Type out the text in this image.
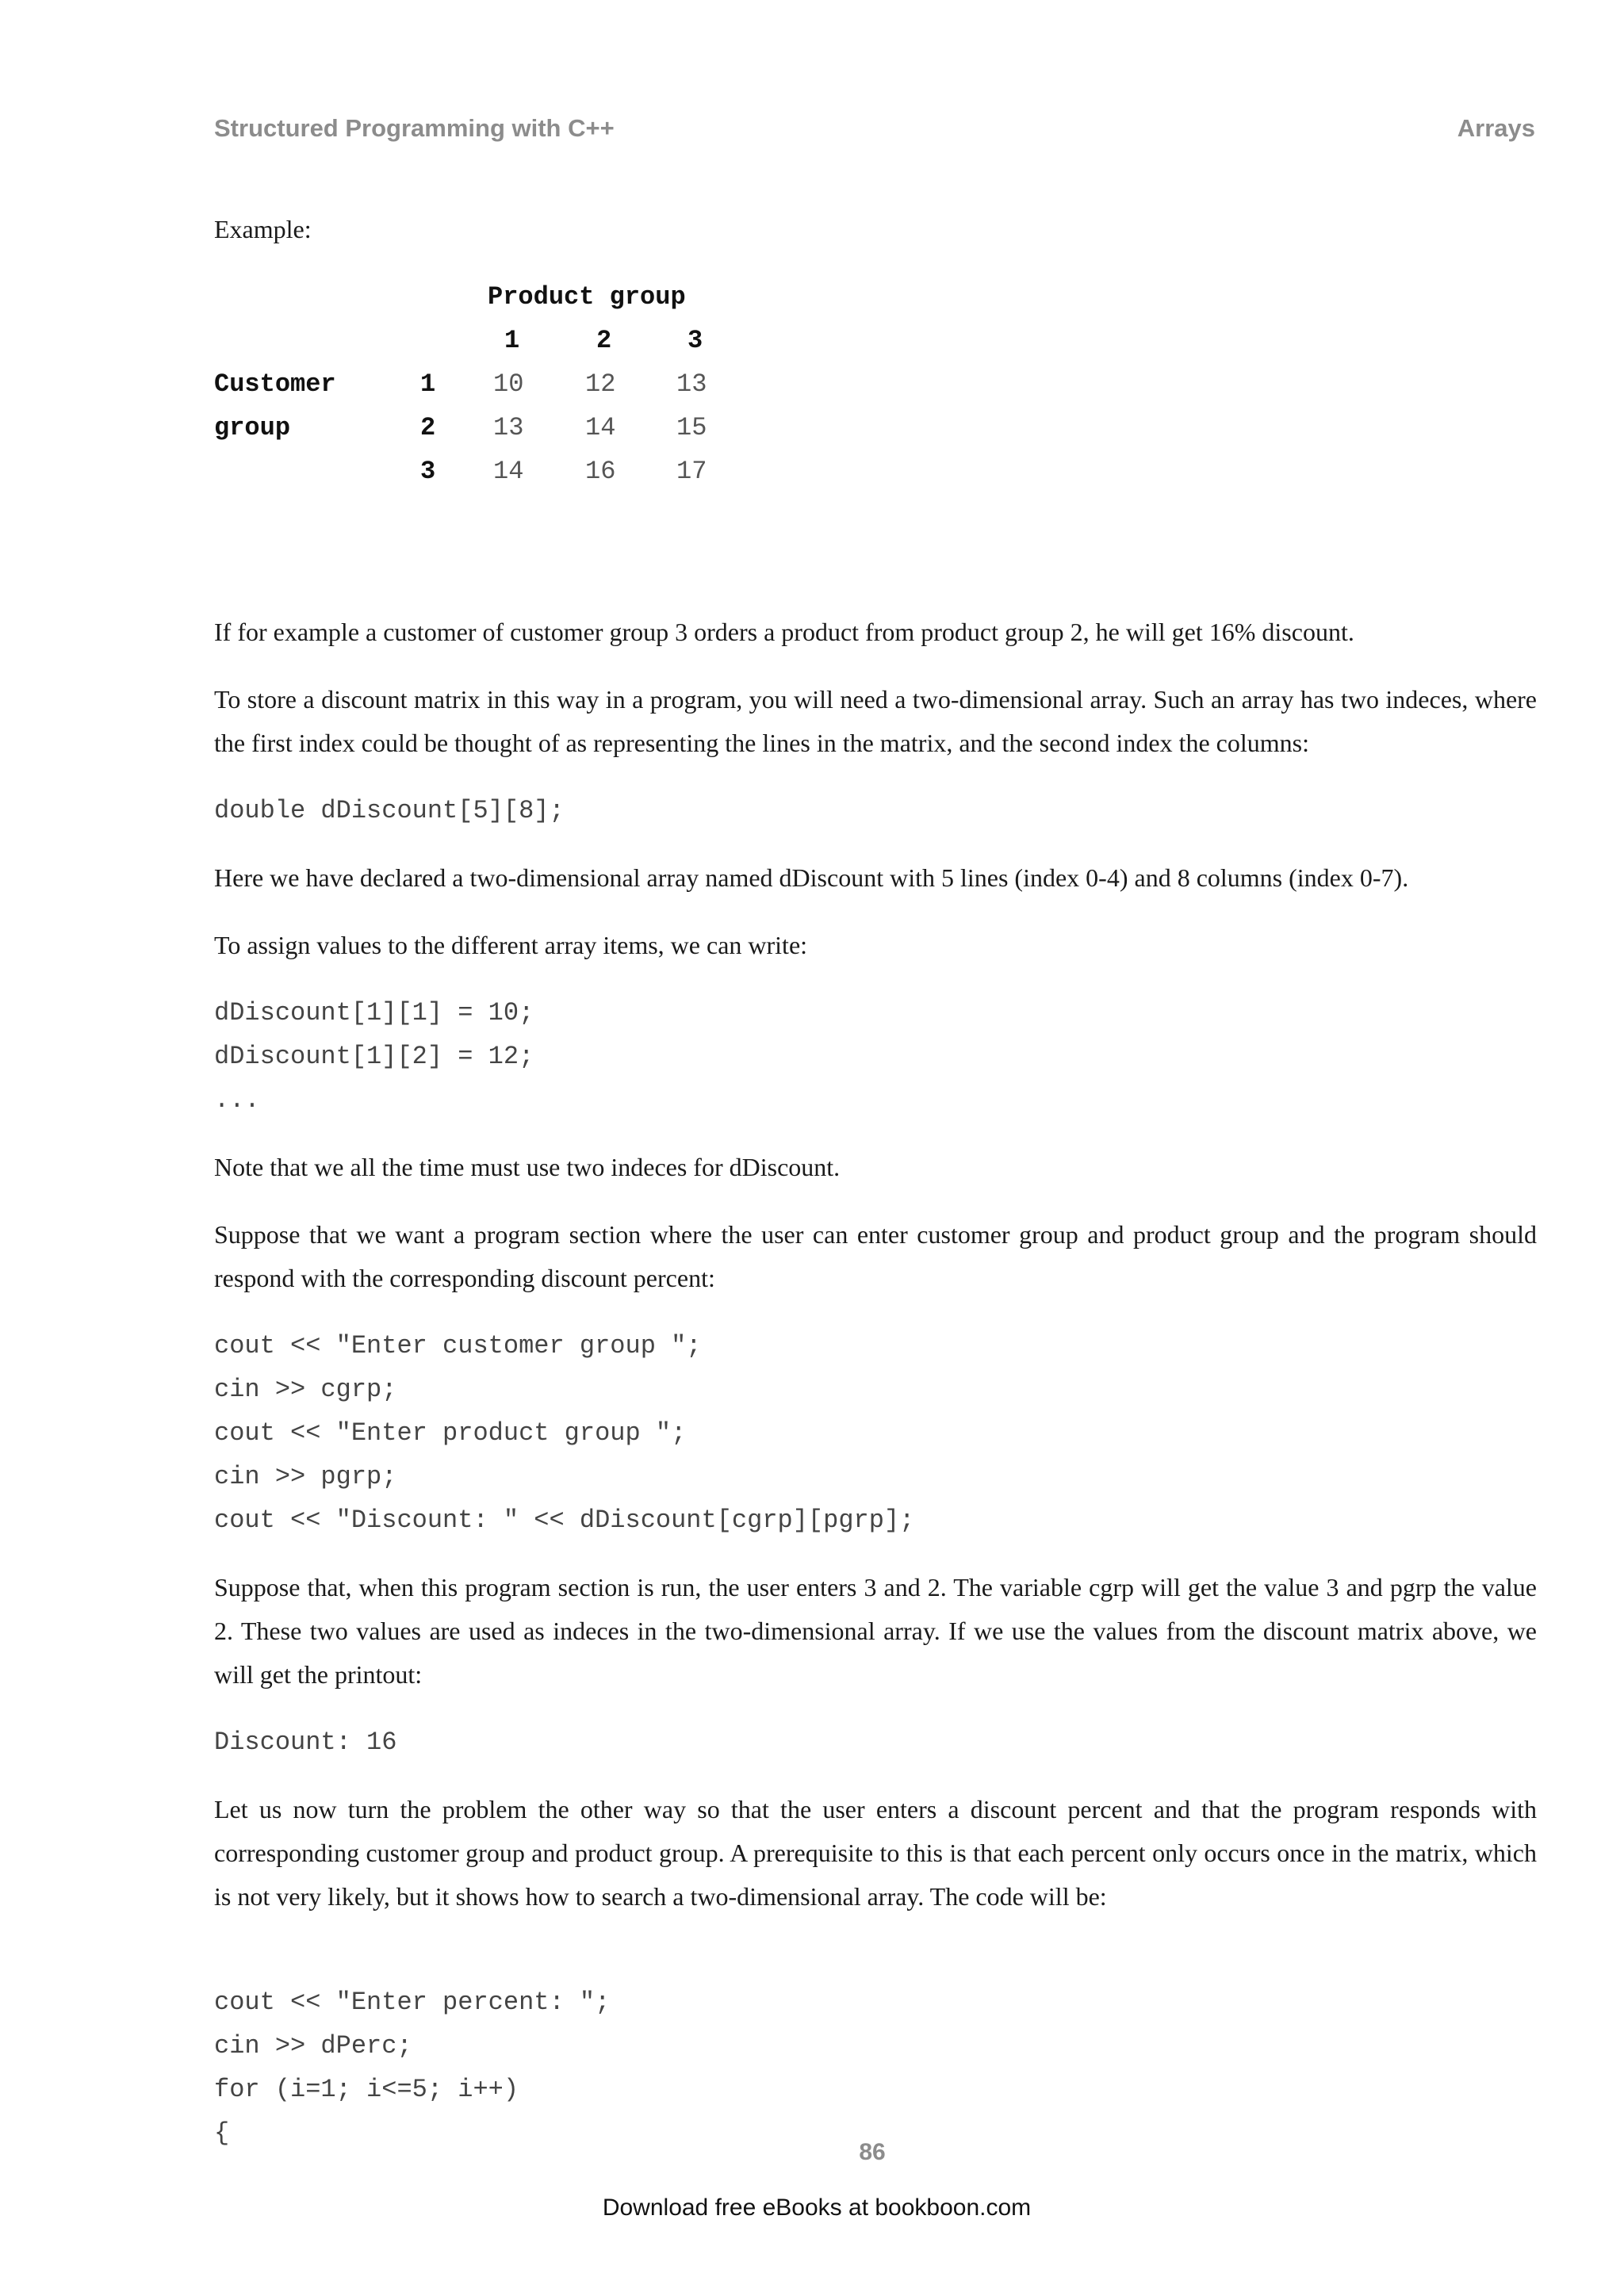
Structured Programming with C++	Arrays

Example:

Product group
1	2	3
Customer
group
1 10 12 13
2 13 14 15
3 14 16 17

If for example a customer of customer group 3 orders a product from product group 2, he will get 16% discount.

To store a discount matrix in this way in a program, you will need a two-dimensional array. Such an array has two indeces, where the first index could be thought of as representing the lines in the matrix, and the second index the columns:

double dDiscount[5][8];

Here we have declared a two-dimensional array named dDiscount with 5 lines (index 0-4) and 8 columns (index 0-7).

To assign values to the different array items, we can write:

dDiscount[1][1] = 10;
dDiscount[1][2] = 12;
...

Note that we all the time must use two indeces for dDiscount.

Suppose that we want a program section where the user can enter customer group and product group and the program should respond with the corresponding discount percent:

cout << "Enter customer group ";
cin >> cgrp;
cout << "Enter product group ";
cin >> pgrp;
cout << "Discount: " << dDiscount[cgrp][pgrp];

Suppose that, when this program section is run, the user enters 3 and 2. The variable cgrp will get the value 3 and pgrp the value 2. These two values are used as indeces in the two-dimensional array. If we use the values from the discount matrix above, we will get the printout:

Discount: 16

Let us now turn the problem the other way so that the user enters a discount percent and that the program responds with corresponding customer group and product group. A prerequisite to this is that each percent only occurs once in the matrix, which is not very likely, but it shows how to search a two-dimensional array. The code will be:

cout << "Enter percent: ";
cin >> dPerc;
for (i=1; i<=5; i++)
{
86
Download free eBooks at bookboon.com
